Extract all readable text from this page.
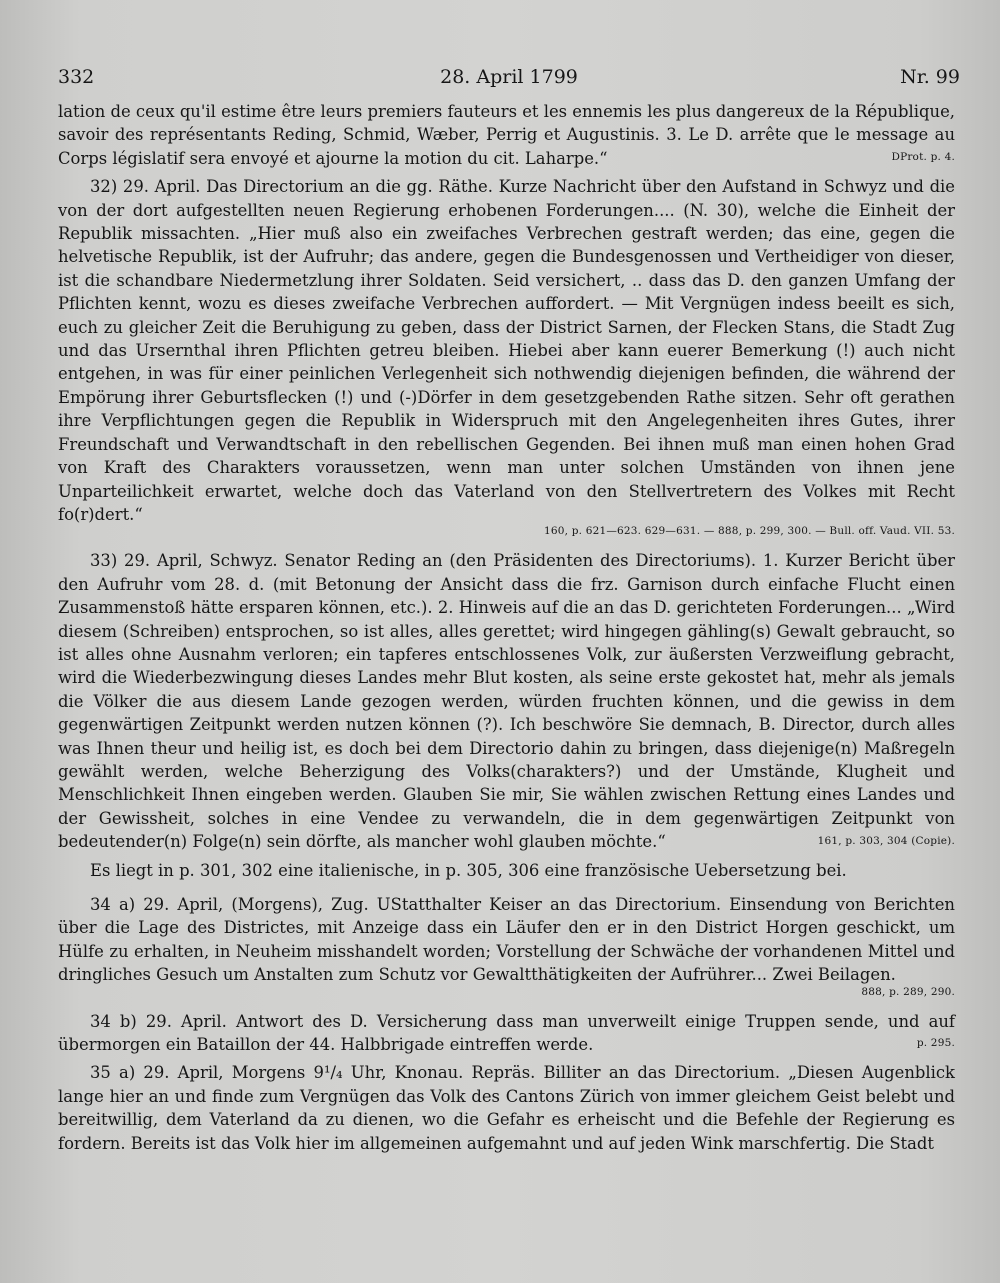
332	28. April 1799	Nr. 99

lation de ceux qu'il estime être leurs premiers fauteurs et les ennemis les plus dangereux de la République, savoir des représentants Reding, Schmid, Wæber, Perrig et Augustinis. 3. Le D. arrête que le message au Corps législatif sera envoyé et ajourne la motion du cit. Laharpe.“	DProt. p. 4.

32) 29. April. Das Directorium an die gg. Räthe. Kurze Nachricht über den Aufstand in Schwyz und die von der dort aufgestellten neuen Regierung erhobenen Forderungen.... (N. 30), welche die Einheit der Republik missachten. „Hier muß also ein zweifaches Verbrechen gestraft werden; das eine, gegen die helvetische Republik, ist der Aufruhr; das andere, gegen die Bundesgenossen und Vertheidiger von dieser, ist die schandbare Niedermetzlung ihrer Soldaten. Seid versichert, .. dass das D. den ganzen Umfang der Pflichten kennt, wozu es dieses zweifache Verbrechen auffordert. — Mit Vergnügen indess beeilt es sich, euch zu gleicher Zeit die Beruhigung zu geben, dass der District Sarnen, der Flecken Stans, die Stadt Zug und das Ursernthal ihren Pflichten getreu bleiben. Hiebei aber kann euerer Bemerkung (!) auch nicht entgehen, in was für einer peinlichen Verlegenheit sich nothwendig diejenigen befinden, die während der Empörung ihrer Geburtsflecken (!) und (-)Dörfer in dem gesetzgebenden Rathe sitzen. Sehr oft gerathen ihre Verpflichtungen gegen die Republik in Widerspruch mit den Angelegenheiten ihres Gutes, ihrer Freundschaft und Verwandtschaft in den rebellischen Gegenden. Bei ihnen muß man einen hohen Grad von Kraft des Charakters voraussetzen, wenn man unter solchen Umständen von ihnen jene Unparteilichkeit erwartet, welche doch das Vaterland von den Stellvertretern des Volkes mit Recht fo(r)dert.“

160, p. 621—623. 629—631. — 888, p. 299, 300. — Bull. off. Vaud. VII. 53.

33) 29. April, Schwyz. Senator Reding an (den Präsidenten des Directoriums). 1. Kurzer Bericht über den Aufruhr vom 28. d. (mit Betonung der Ansicht dass die frz. Garnison durch einfache Flucht einen Zusammenstoß hätte ersparen können, etc.). 2. Hinweis auf die an das D. gerichteten Forderungen... „Wird diesem (Schreiben) entsprochen, so ist alles, alles gerettet; wird hingegen gähling(s) Gewalt gebraucht, so ist alles ohne Ausnahm verloren; ein tapferes entschlossenes Volk, zur äußersten Verzweiflung gebracht, wird die Wiederbezwingung dieses Landes mehr Blut kosten, als seine erste gekostet hat, mehr als jemals die Völker die aus diesem Lande gezogen werden, würden fruchten können, und die gewiss in dem gegenwärtigen Zeitpunkt werden nutzen können (?). Ich beschwöre Sie demnach, B. Director, durch alles was Ihnen theur und heilig ist, es doch bei dem Directorio dahin zu bringen, dass diejenige(n) Maßregeln gewählt werden, welche Beherzigung des Volks(charakters?) und der Umstände, Klugheit und Menschlichkeit Ihnen eingeben werden. Glauben Sie mir, Sie wählen zwischen Rettung eines Landes und der Gewissheit, solches in eine Vendee zu verwandeln, die in dem gegenwärtigen Zeitpunkt von bedeutender(n) Folge(n) sein dörfte, als mancher wohl glauben möchte.“	161, p. 303, 304 (Copie).

Es liegt in p. 301, 302 eine italienische, in p. 305, 306 eine französische Uebersetzung bei.

34 a) 29. April, (Morgens), Zug. UStatthalter Keiser an das Directorium. Einsendung von Berichten über die Lage des Districtes, mit Anzeige dass ein Läufer den er in den District Horgen geschickt, um Hülfe zu erhalten, in Neuheim misshandelt worden; Vorstellung der Schwäche der vorhandenen Mittel und dringliches Gesuch um Anstalten zum Schutz vor Gewaltthätigkeiten der Aufrührer... Zwei Beilagen.

888, p. 289, 290.

34 b) 29. April. Antwort des D. Versicherung dass man unverweilt einige Truppen sende, und auf übermorgen ein Bataillon der 44. Halbbrigade eintreffen werde.	p. 295.

35 a) 29. April, Morgens 9¹/₄ Uhr, Knonau. Repräs. Billiter an das Directorium. „Diesen Augenblick lange hier an und finde zum Vergnügen das Volk des Cantons Zürich von immer gleichem Geist belebt und bereitwillig, dem Vaterland da zu dienen, wo die Gefahr es erheischt und die Befehle der Regierung es fordern. Bereits ist das Volk hier im allgemeinen aufgemahnt und auf jeden Wink marschfertig. Die Stadt
